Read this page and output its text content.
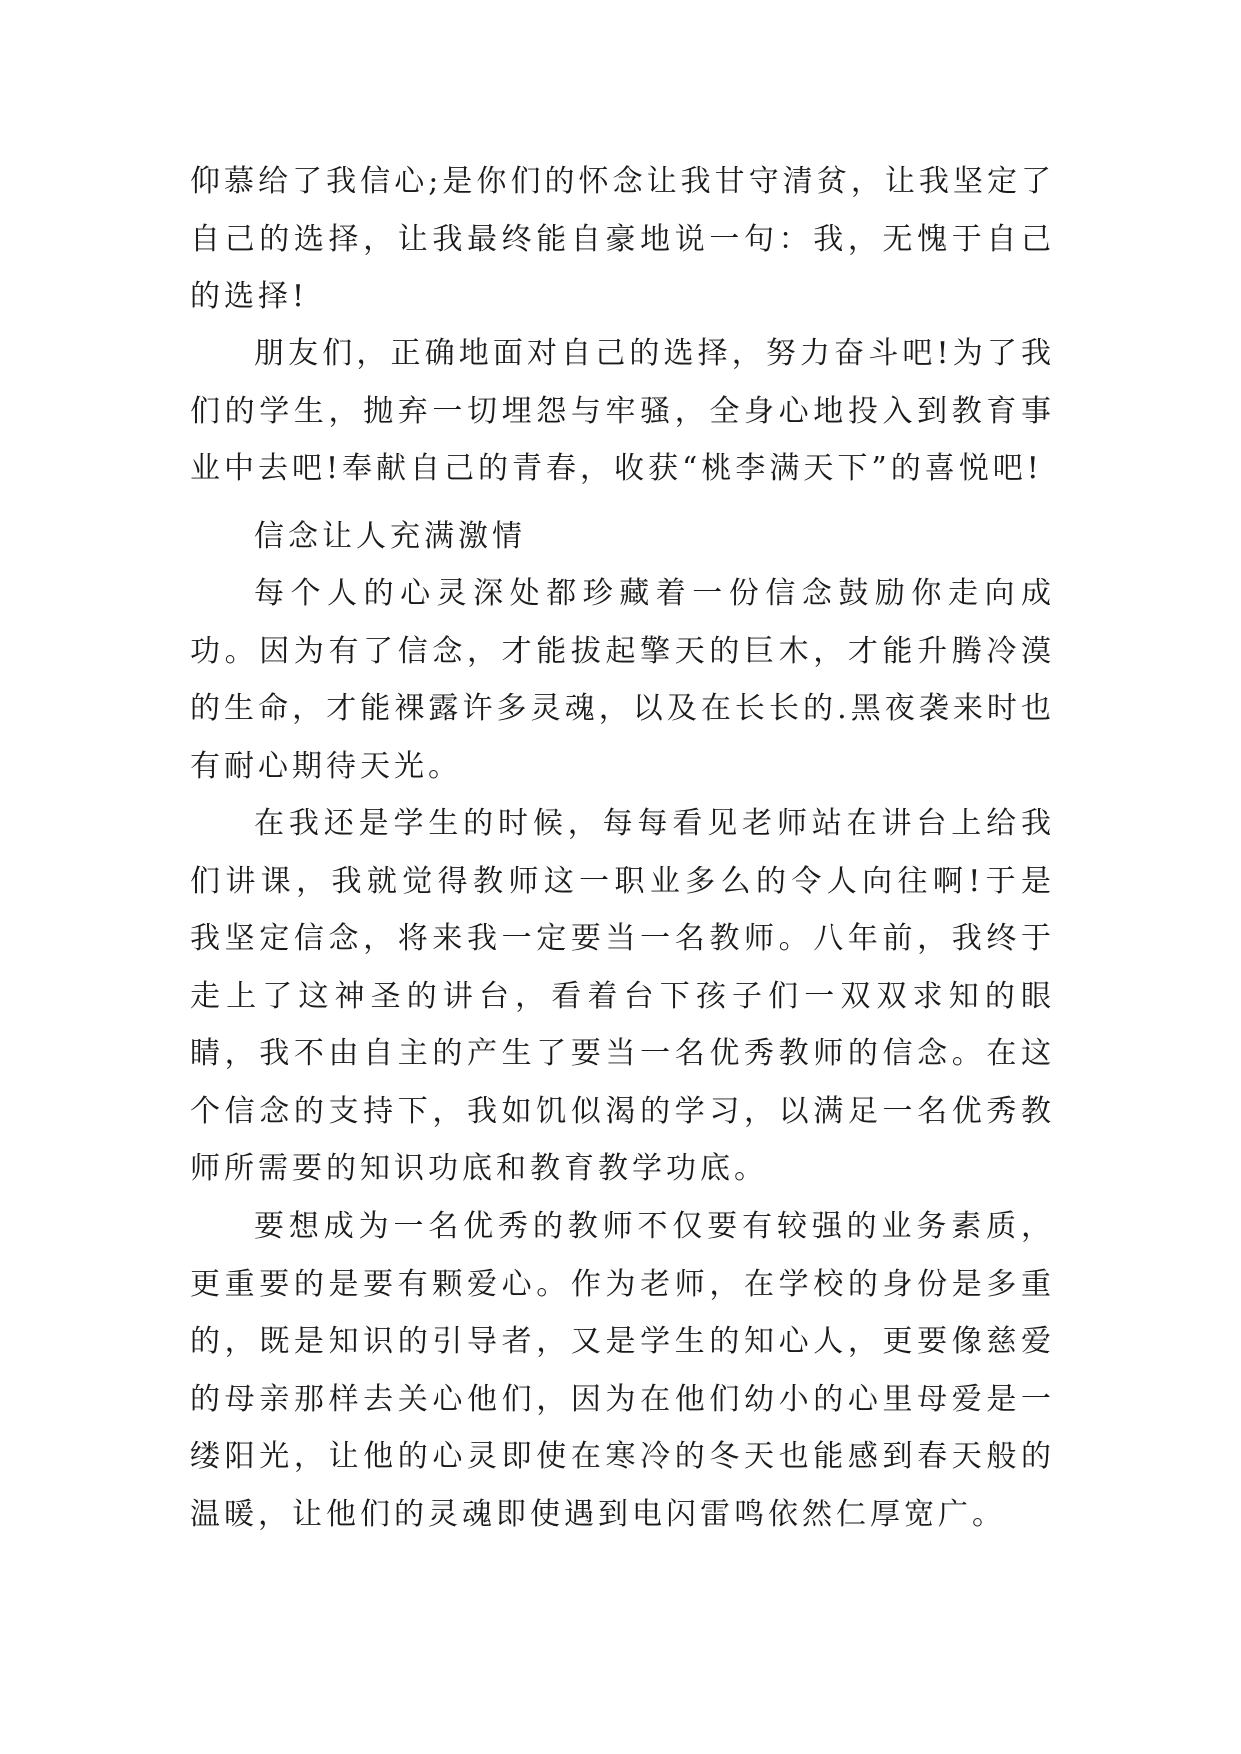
仰慕给了我信心;是你们的怀念让我甘守清贫，让我坚定了自己的选择，让我最终能自豪地说一句：我，无愧于自己的选择!

朋友们，正确地面对自己的选择，努力奋斗吧!为了我们的学生，抛弃一切埋怨与牢骚，全身心地投入到教育事业中去吧!奉献自己的青春，收获“桃李满天下”的喜悦吧!

信念让人充满激情

每个人的心灵深处都珍藏着一份信念鼓励你走向成功。因为有了信念，才能拔起擎天的巨木，才能升腾冷漠的生命，才能裸露许多灵魂，以及在长长的.黑夜袭来时也有耐心期待天光。

在我还是学生的时候，每每看见老师站在讲台上给我们讲课，我就觉得教师这一职业多么的令人向往啊!于是我坚定信念，将来我一定要当一名教师。八年前，我终于走上了这神圣的讲台，看着台下孩子们一双双求知的眼睛，我不由自主的产生了要当一名优秀教师的信念。在这个信念的支持下，我如饥似渴的学习，以满足一名优秀教师所需要的知识功底和教育教学功底。

要想成为一名优秀的教师不仅要有较强的业务素质，更重要的是要有颗爱心。作为老师，在学校的身份是多重的，既是知识的引导者，又是学生的知心人，更要像慈爱的母亲那样去关心他们，因为在他们幼小的心里母爱是一缕阳光，让他的心灵即使在寒冷的冬天也能感到春天般的温暖，让他们的灵魂即使遇到电闪雷鸣依然仁厚宽广。
